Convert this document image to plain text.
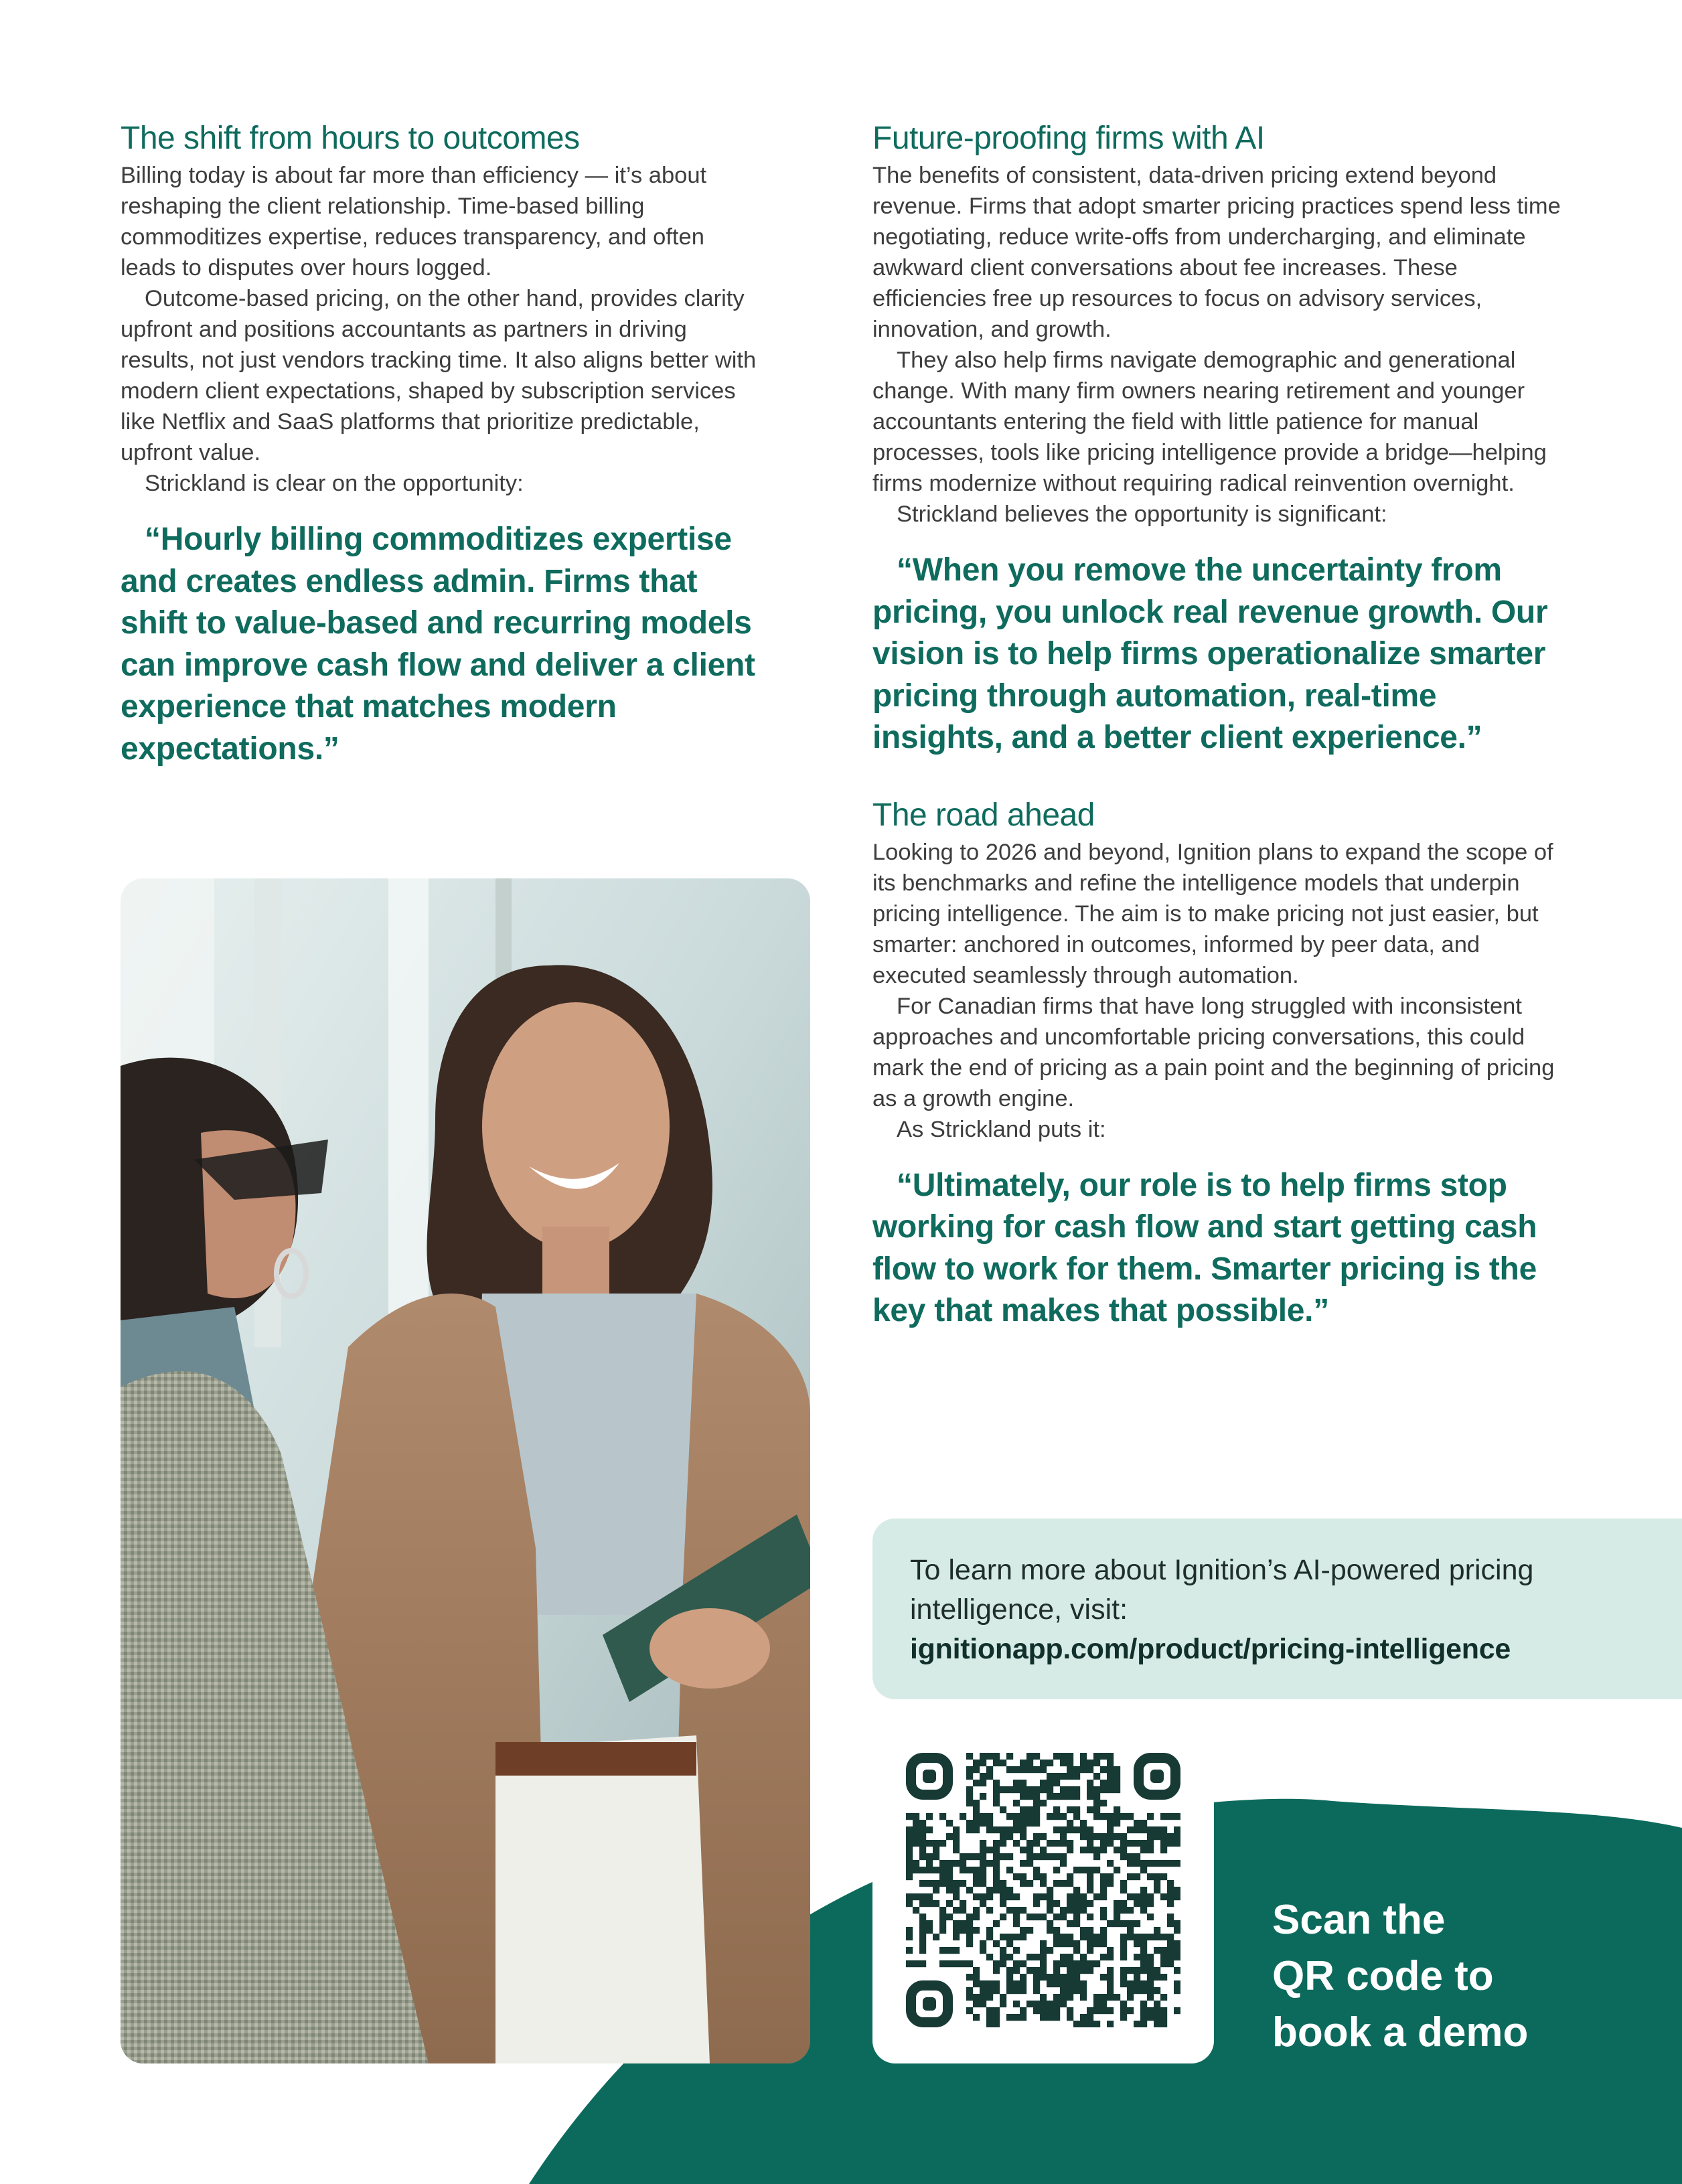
The shift from hours to outcomes

Billing today is about far more than efficiency — it’s about reshaping the client relationship. Time-based billing commoditizes expertise, reduces transparency, and often leads to disputes over hours logged.

Outcome-based pricing, on the other hand, provides clarity upfront and positions accountants as partners in driving results, not just vendors tracking time. It also aligns better with modern client expectations, shaped by subscription services like Netflix and SaaS platforms that prioritize predictable, upfront value.

Strickland is clear on the opportunity:

“Hourly billing commoditizes expertise and creates endless admin. Firms that shift to value-based and recurring models can improve cash flow and deliver a client experience that matches modern expectations.”

Future-proofing firms with AI

The benefits of consistent, data-driven pricing extend beyond revenue. Firms that adopt smarter pricing practices spend less time negotiating, reduce write-offs from undercharging, and eliminate awkward client conversations about fee increases. These efficiencies free up resources to focus on advisory services, innovation, and growth.

They also help firms navigate demographic and generational change. With many firm owners nearing retirement and younger accountants entering the field with little patience for manual processes, tools like pricing intelligence provide a bridge—helping firms modernize without requiring radical reinvention overnight.

Strickland believes the opportunity is significant:

“When you remove the uncertainty from pricing, you unlock real revenue growth. Our vision is to help firms operationalize smarter pricing through automation, real-time insights, and a better client experience.”

The road ahead

Looking to 2026 and beyond, Ignition plans to expand the scope of its benchmarks and refine the intelligence models that underpin pricing intelligence. The aim is to make pricing not just easier, but smarter: anchored in outcomes, informed by peer data, and executed seamlessly through automation.

For Canadian firms that have long struggled with inconsistent approaches and uncomfortable pricing conversations, this could mark the end of pricing as a pain point and the beginning of pricing as a growth engine.

As Strickland puts it:

“Ultimately, our role is to help firms stop working for cash flow and start getting cash flow to work for them. Smarter pricing is the key that makes that possible.”

To learn more about Ignition’s AI-powered pricing intelligence, visit:

ignitionapp.com/product/pricing-intelligence

Scan the
QR code to
book a demo
